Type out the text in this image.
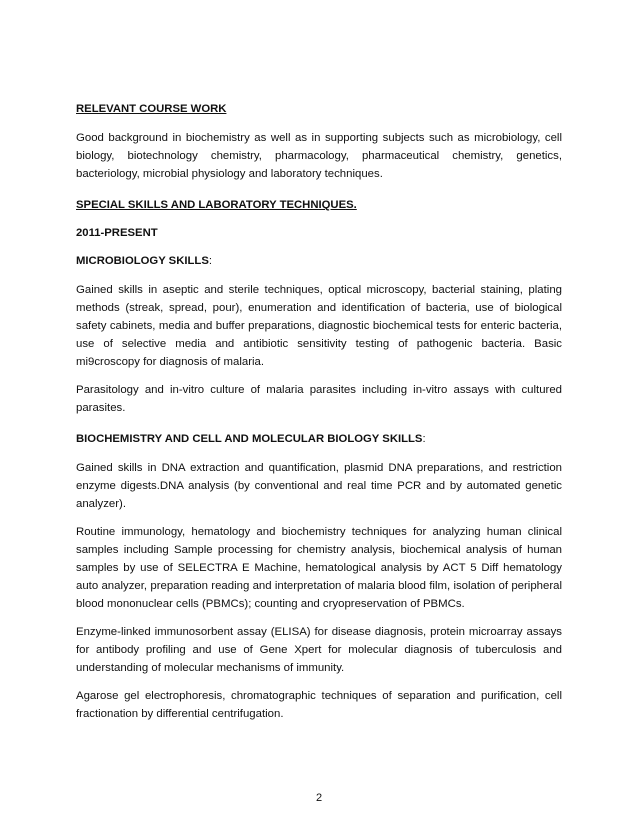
RELEVANT COURSE WORK

Good background in biochemistry as well as in supporting subjects such as microbiology, cell biology, biotechnology chemistry, pharmacology, pharmaceutical chemistry, genetics, bacteriology, microbial physiology and laboratory techniques.

SPECIAL SKILLS AND LABORATORY TECHNIQUES.
2011-PRESENT
MICROBIOLOGY SKILLS:

Gained skills in aseptic and sterile techniques, optical microscopy, bacterial staining, plating methods (streak, spread, pour), enumeration and identification of bacteria, use of biological safety cabinets, media and buffer preparations, diagnostic biochemical tests for enteric bacteria, use of selective media and antibiotic sensitivity testing of pathogenic bacteria. Basic mi9croscopy for diagnosis of malaria.

Parasitology and in-vitro culture of malaria parasites including in-vitro assays with cultured parasites.

BIOCHEMISTRY AND CELL AND MOLECULAR BIOLOGY SKILLS:

Gained skills in DNA extraction and quantification, plasmid DNA preparations, and restriction enzyme digests.DNA analysis (by conventional and real time PCR and by automated genetic analyzer).

Routine immunology, hematology and biochemistry techniques for analyzing human clinical samples including Sample processing for chemistry analysis, biochemical analysis of human samples by use of SELECTRA E Machine, hematological analysis by ACT 5 Diff hematology auto analyzer, preparation reading and interpretation of malaria blood film, isolation of peripheral blood mononuclear cells (PBMCs); counting and cryopreservation of PBMCs.

Enzyme-linked immunosorbent assay (ELISA) for disease diagnosis, protein microarray assays for antibody profiling and use of Gene Xpert for molecular diagnosis of tuberculosis and understanding of molecular mechanisms of immunity.

Agarose gel electrophoresis, chromatographic techniques of separation and purification, cell fractionation by differential centrifugation.

2
